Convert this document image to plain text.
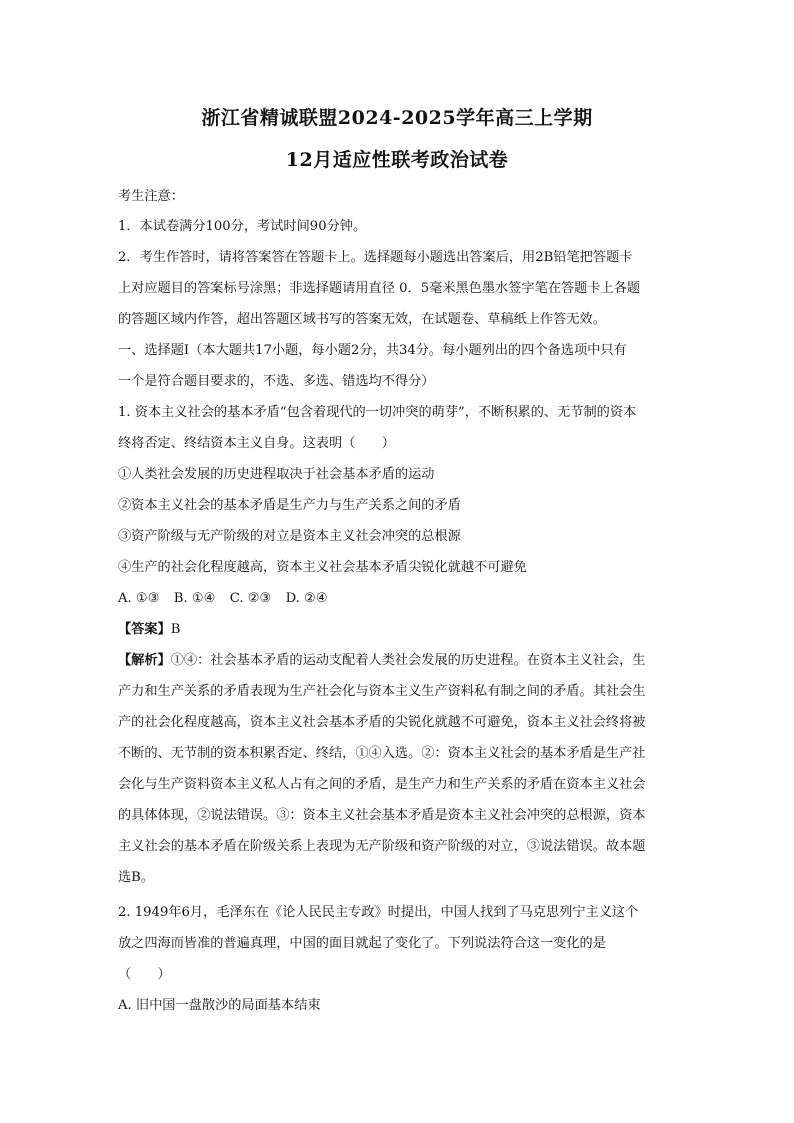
浙江省精诚联盟2024-2025学年高三上学期
12月适应性联考政治试卷
考生注意：
1．本试卷满分100分，考试时间90分钟。
2．考生作答时，请将答案答在答题卡上。选择题每小题选出答案后，用2B铅笔把答题卡
上对应题目的答案标号涂黑；非选择题请用直径 0．5毫米黑色墨水签字笔在答题卡上各题
的答题区域内作答，超出答题区域书写的答案无效，在试题卷、草稿纸上作答无效。
一、选择题Ⅰ（本大题共17小题，每小题2分，共34分。每小题列出的四个备选项中只有
一个是符合题目要求的，不选、多选、错选均不得分）
1. 资本主义社会的基本矛盾“包含着现代的一切冲突的萌芽”，不断积累的、无节制的资本
终将否定、终结资本主义自身。这表明（　　）
①人类社会发展的历史进程取决于社会基本矛盾的运动
②资本主义社会的基本矛盾是生产力与生产关系之间的矛盾
③资产阶级与无产阶级的对立是资本主义社会冲突的总根源
④生产的社会化程度越高，资本主义社会基本矛盾尖锐化就越不可避免
A. ①③ B. ①④ C. ②③ D. ②④
【答案】B
【解析】①④：社会基本矛盾的运动支配着人类社会发展的历史进程。在资本主义社会，生
产力和生产关系的矛盾表现为生产社会化与资本主义生产资料私有制之间的矛盾。其社会生
产的社会化程度越高，资本主义社会基本矛盾的尖锐化就越不可避免，资本主义社会终将被
不断的、无节制的资本积累否定、终结，①④入选。②：资本主义社会的基本矛盾是生产社
会化与生产资料资本主义私人占有之间的矛盾，是生产力和生产关系的矛盾在资本主义社会
的具体体现，②说法错误。③：资本主义社会基本矛盾是资本主义社会冲突的总根源，资本
主义社会的基本矛盾在阶级关系上表现为无产阶级和资产阶级的对立，③说法错误。故本题
选B。
2. 1949年6月，毛泽东在《论人民民主专政》时提出，中国人找到了马克思列宁主义这个
放之四海而皆准的普遍真理，中国的面目就起了变化了。下列说法符合这一变化的是
（　　）
A. 旧中国一盘散沙的局面基本结束
